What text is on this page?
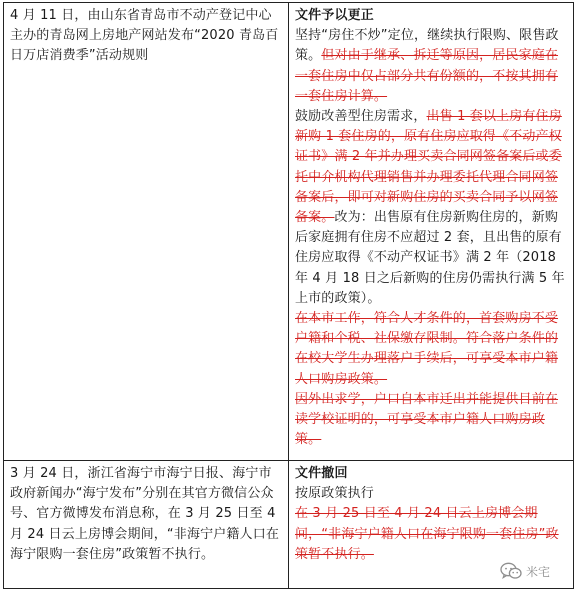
4 月 11 日，由山东省青岛市不动产登记中心主办的青岛网上房地产网站发布“2020 青岛百日万店消费季”活动规则	文件予以更正
坚持“房住不炒”定位，继续执行限购、限售政策。但对由于继承、拆迁等原因，居民家庭在一套住房中仅占部分共有份额的，不按其拥有一套住房计算。
鼓励改善型住房需求，出售 1 套以上房有住房新购 1 套住房的，原有住房应取得《不动产权证书》满 2 年并办理买卖合同网签备案后或委托中介机构代理销售并办理委托代理合同网签备案后，即可对新购住房的买卖合同予以网签备案。改为：出售原有住房新购住房的，新购后家庭拥有住房不应超过 2 套，且出售的原有住房应取得《不动产权证书》满 2 年（2018 年 4 月 18 日之后新购的住房仍需执行满 5 年上市的政策）。
在本市工作，符合人才条件的，首套购房不受户籍和个税、社保缴存限制。符合落户条件的在校大学生办理落户手续后，可享受本市户籍人口购房政策。
因外出求学，户口自本市迁出并能提供目前在读学校证明的，可享受本市户籍人口购房政策。

3 月 24 日，浙江省海宁市海宁日报、海宁市政府新闻办“海宁发布”分别在其官方微信公众号、官方微博发布消息称，在 3 月 25 日至 4 月 24 日云上房博会期间，“非海宁户籍人口在海宁限购一套住房”政策暂不执行。	文件撤回
按原政策执行
在 3 月 25 日至 4 月 24 日云上房博会期间，“非海宁户籍人口在海宁限购一套住房”政策暂不执行。
米宅
